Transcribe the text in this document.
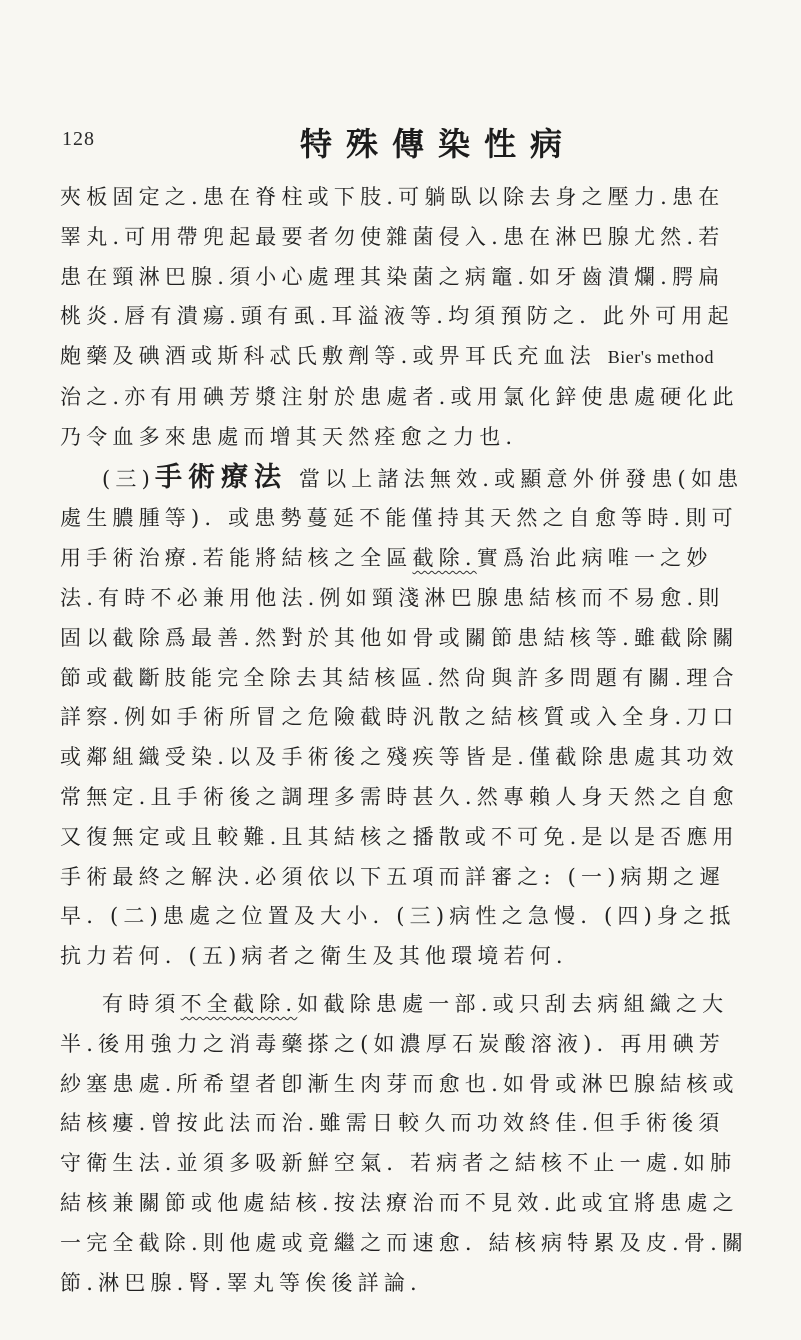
128	特殊傳染性病

夾板固定之.患在脊柱或下肢.可躺臥以除去身之壓力.患在睪丸.可用帶兜起最要者勿使雜菌侵入.患在淋巴腺尤然.若患在頸淋巴腺.須小心處理其染菌之病竈.如牙齒潰爛.腭扁桃炎.唇有潰瘍.頭有虱.耳溢液等.均須預防之. 此外可用起皰藥及碘酒或斯科忒氏敷劑等.或畀耳氏充血法 Bier's method 治之.亦有用碘芳漿注射於患處者.或用氯化鋅使患處硬化此乃令血多來患處而增其天然痊愈之力也.

(三)手術療法 當以上諸法無效.或顯意外併發患(如患處生膿腫等). 或患勢蔓延不能僅持其天然之自愈等時.則可用手術治療.若能將結核之全區截除.實爲治此病唯一之妙法.有時不必兼用他法.例如頸淺淋巴腺患結核而不易愈.則固以截除爲最善.然對於其他如骨或關節患結核等.雖截除關節或截斷肢能完全除去其結核區.然尙與許多問題有關.理合詳察.例如手術所冒之危險截時汎散之結核質或入全身.刀口或鄰組織受染.以及手術後之殘疾等皆是.僅截除患處其功效常無定.且手術後之調理多需時甚久.然專賴人身天然之自愈又復無定或且較難.且其結核之播散或不可免.是以是否應用手術最終之解決.必須依以下五項而詳審之: (一)病期之遲早. (二)患處之位置及大小. (三)病性之急慢. (四)身之抵抗力若何. (五)病者之衛生及其他環境若何.

有時須不全截除.如截除患處一部.或只刮去病組織之大半.後用強力之消毒藥搽之(如濃厚石炭酸溶液). 再用碘芳紗塞患處.所希望者卽漸生肉芽而愈也.如骨或淋巴腺結核或結核瘻.曾按此法而治.雖需日較久而功效終佳.但手術後須守衛生法.並須多吸新鮮空氣. 若病者之結核不止一處.如肺結核兼關節或他處結核.按法療治而不見效.此或宜將患處之一完全截除.則他處或竟繼之而速愈. 結核病特累及皮.骨.關節.淋巴腺.腎.睪丸等俟後詳論.
